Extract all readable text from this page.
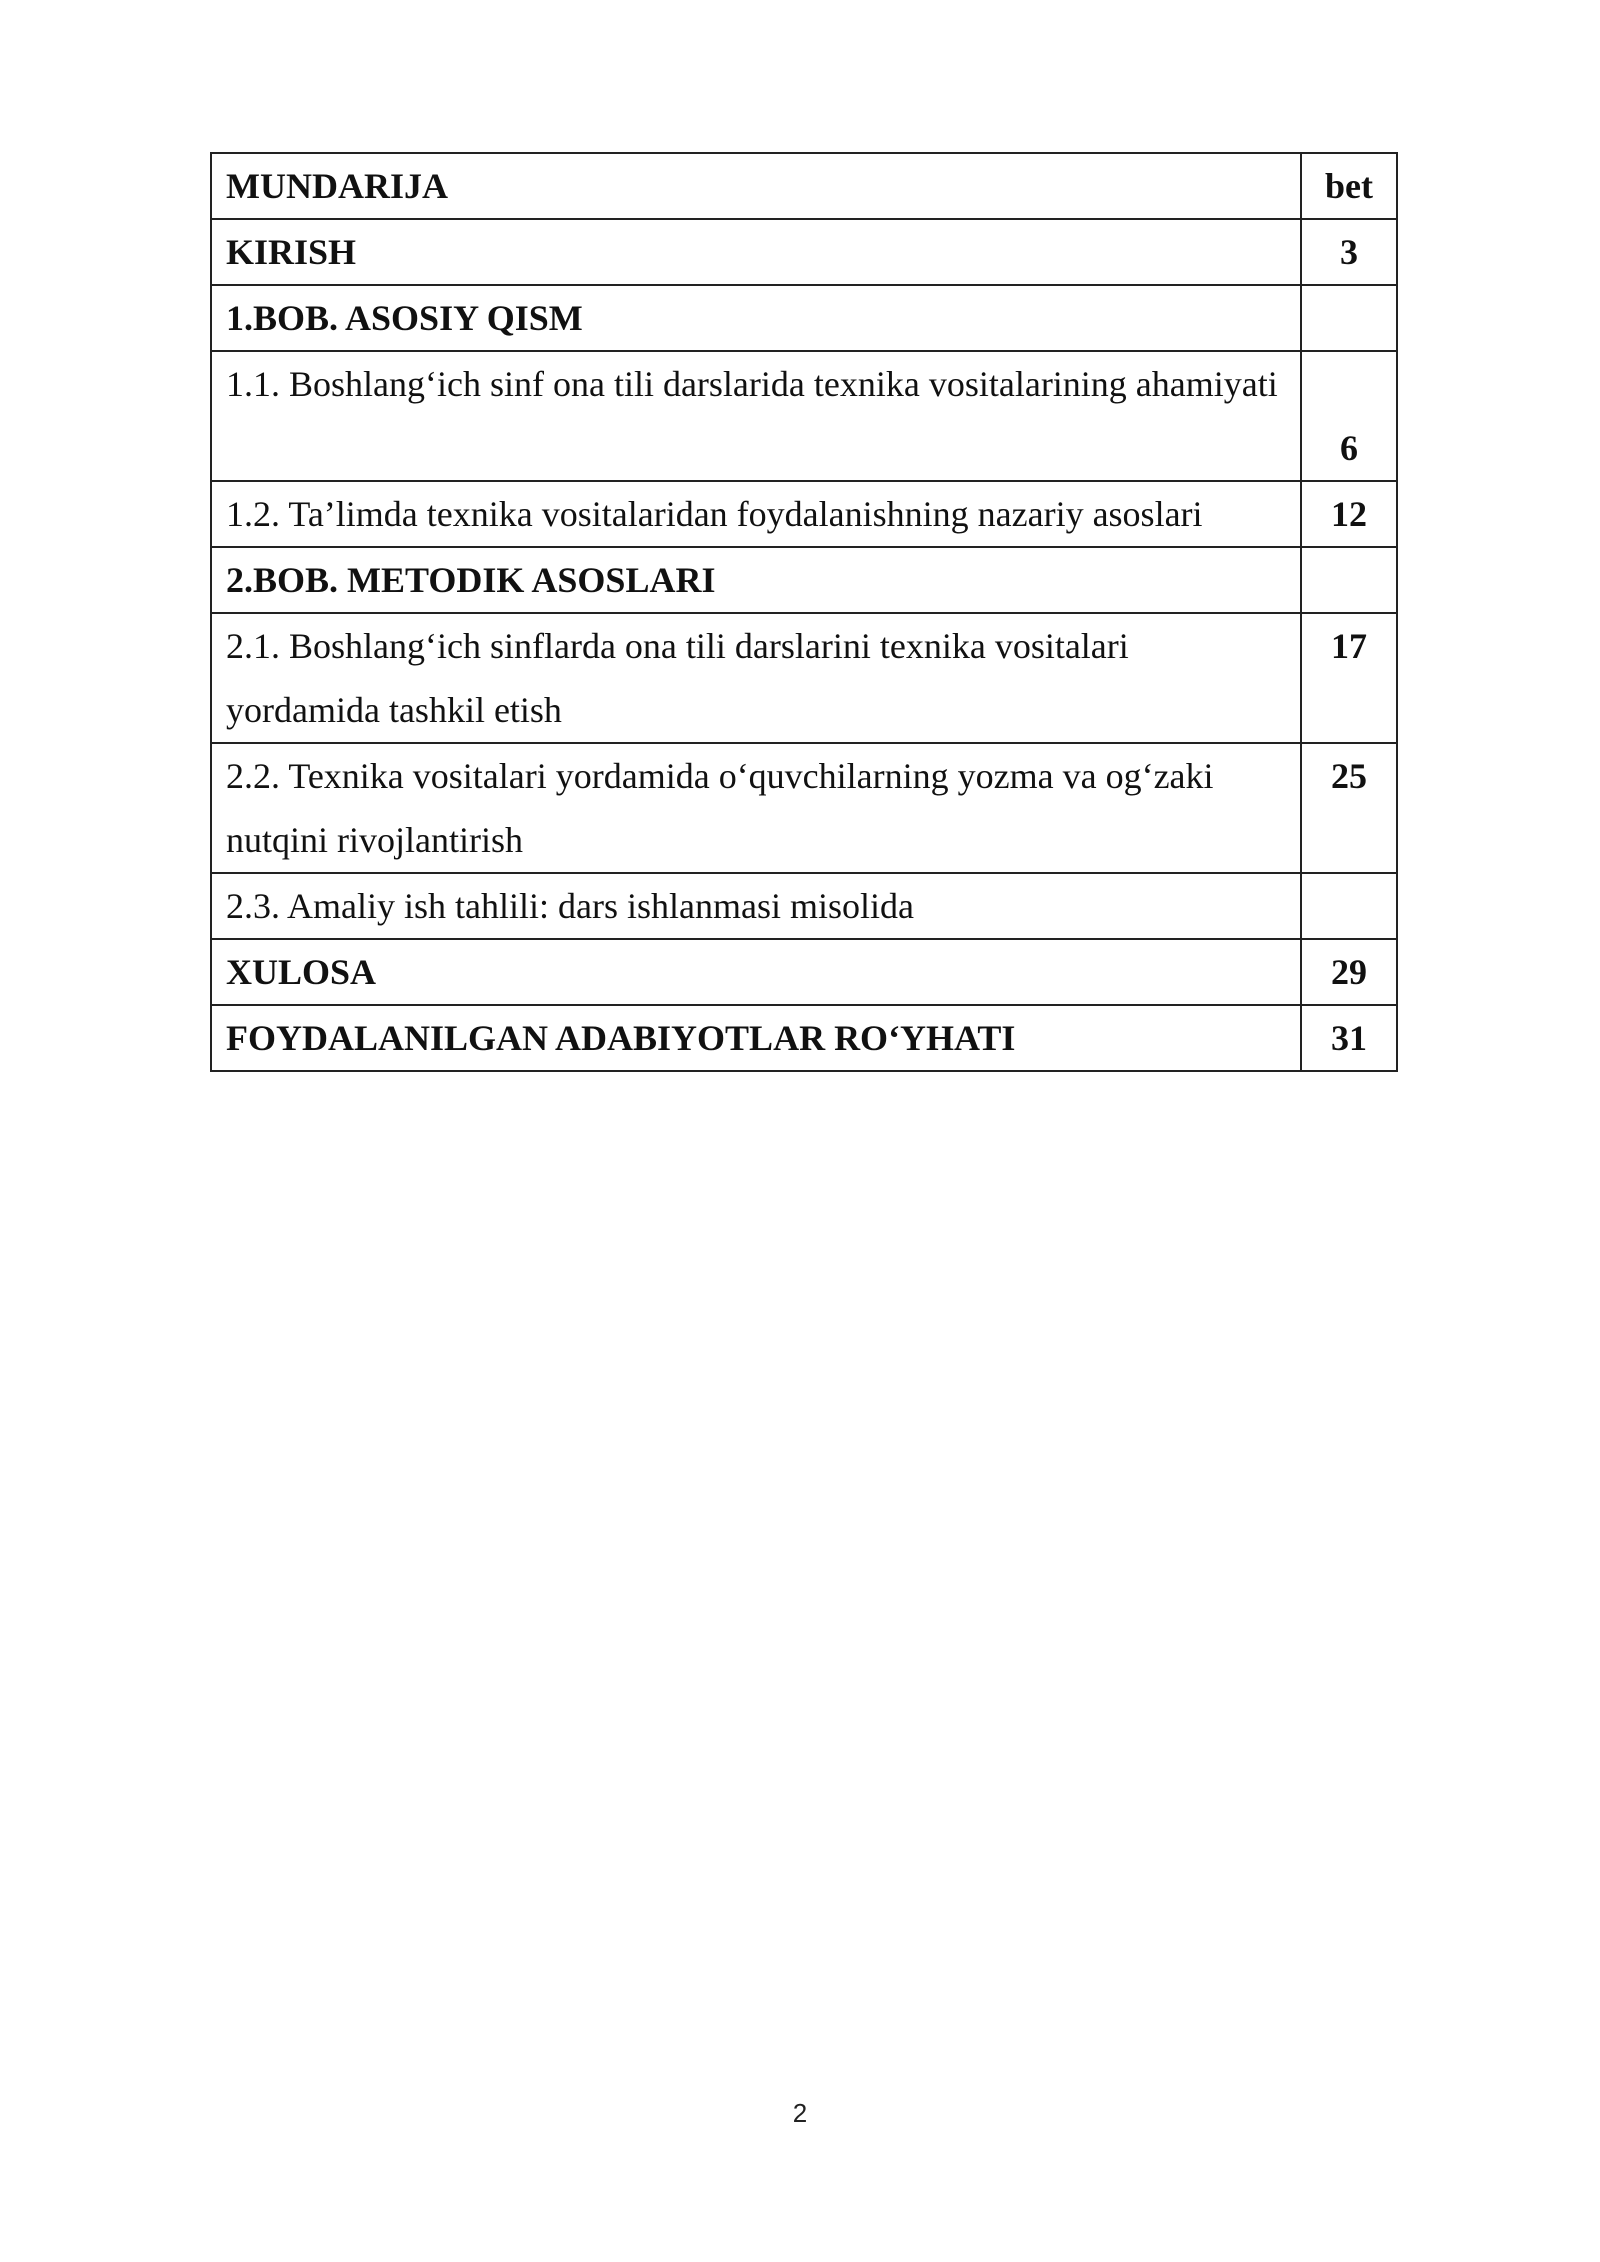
MUNDARIJA	bet
KIRISH	3
1.BOB. ASOSIY QISM	
1.1. Boshlang‘ich sinf ona tili darslarida texnika vositalarining ahamiyati	6
1.2. Ta’limda texnika vositalaridan foydalanishning nazariy asoslari	12
2.BOB. METODIK ASOSLARI	
2.1. Boshlang‘ich sinflarda ona tili darslarini texnika vositalari yordamida tashkil etish	17
2.2. Texnika vositalari yordamida o‘quvchilarning yozma va og‘zaki nutqini rivojlantirish	25
2.3. Amaliy ish tahlili: dars ishlanmasi misolida	
XULOSA	29
FOYDALANILGAN ADABIYOTLAR RO‘YHATI	31
2
